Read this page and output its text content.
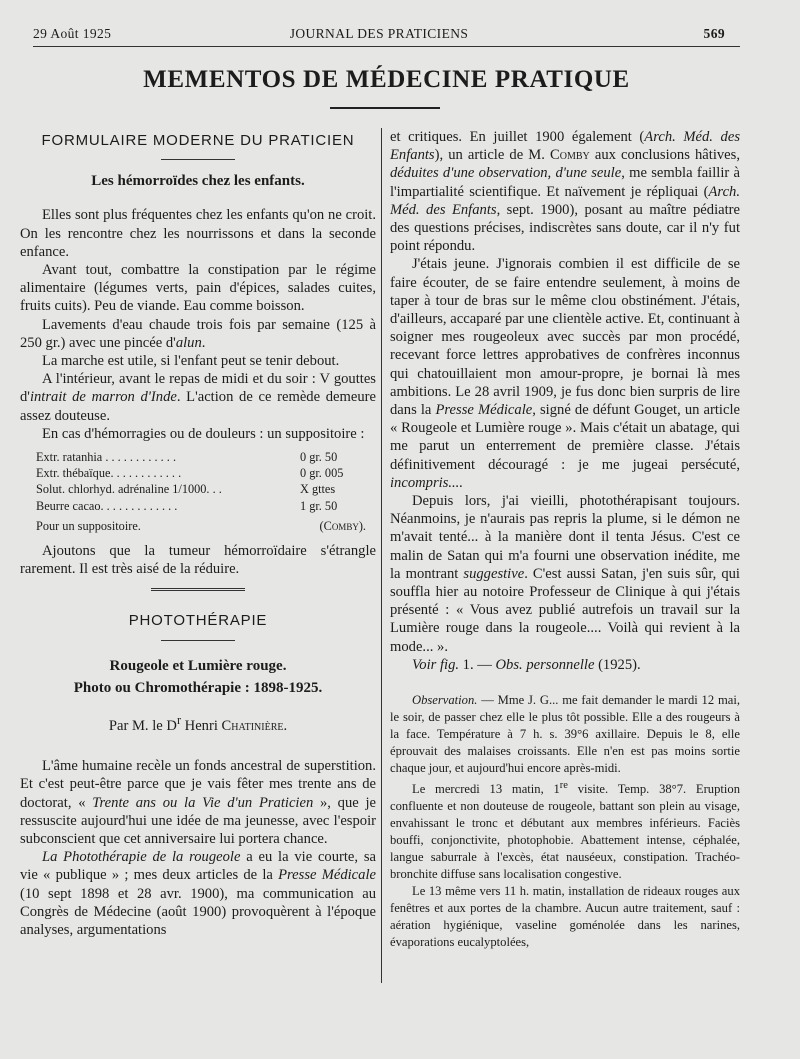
29 Août 1925	JOURNAL DES PRATICIENS	569
MEMENTOS DE MÉDECINE PRATIQUE
FORMULAIRE MODERNE DU PRATICIEN
Les hémorroïdes chez les enfants.

Elles sont plus fréquentes chez les enfants qu'on ne croit. On les rencontre chez les nourrissons et dans la seconde enfance.

Avant tout, combattre la constipation par le régime alimentaire (légumes verts, pain d'épices, salades cuites, fruits cuits). Peu de viande. Eau comme boisson.

Lavements d'eau chaude trois fois par semaine (125 à 250 gr.) avec une pincée d'alun.

La marche est utile, si l'enfant peut se tenir debout.

A l'intérieur, avant le repas de midi et du soir : V gouttes d'intrait de marron d'Inde. L'action de ce remède demeure assez douteuse.

En cas d'hémorragies ou de douleurs : un suppositoire :

Extr. ratanhia . . . . . . . . . . . .	0 gr. 50
Extr. thébaïque. . . . . . . . . . . .	0 gr. 005
Solut. chlorhyd. adrénaline 1/1000. . .	X gttes
Beurre cacao. . . . . . . . . . . . .	1 gr. 50
Pour un suppositoire.	(Comby).

Ajoutons que la tumeur hémorroïdaire s'étrangle rarement. Il est très aisé de la réduire.

PHOTOTHÉRAPIE
Rougeole et Lumière rouge.
Photo ou Chromothérapie : 1898-1925.
Par M. le $D^r$ Henri Chatinière.

L'âme humaine recèle un fonds ancestral de superstition. Et c'est peut-être parce que je vais fêter mes trente ans de doctorat, « Trente ans ou la Vie d'un Praticien », que je ressuscite aujourd'hui une idée de ma jeunesse, avec l'espoir subconscient que cet anniversaire lui portera chance.

La Photothérapie de la rougeole a eu la vie courte, sa vie « publique » ; mes deux articles de la Presse Médicale (10 sept 1898 et 28 avr. 1900), ma communication au Congrès de Médecine (août 1900) provoquèrent à l'époque analyses, argumentations

et critiques. En juillet 1900 également (Arch. Méd. des Enfants), un article de M. Comby aux conclusions hâtives, déduites d'une observation, d'une seule, me sembla faillir à l'impartialité scientifique. Et naïvement je répliquai (Arch. Méd. des Enfants, sept. 1900), posant au maître pédiatre des questions précises, indiscrètes sans doute, car il n'y fut point répondu.

J'étais jeune. J'ignorais combien il est difficile de se faire écouter, de se faire entendre seulement, à moins de taper à tour de bras sur le même clou obstinément. J'étais, d'ailleurs, accaparé par une clientèle active. Et, continuant à soigner mes rougeoleux avec succès par mon procédé, recevant force lettres approbatives de confrères inconnus qui chatouillaient mon amour-propre, je bornai là mes ambitions. Le 28 avril 1909, je fus donc bien surpris de lire dans la Presse Médicale, signé de défunt Gouget, un article « Rougeole et Lumière rouge ». Mais c'était un abatage, qui me parut un enterrement de première classe. J'étais définitivement découragé : je me jugeai persécuté, incompris....

Depuis lors, j'ai vieilli, photothérapisant toujours. Néanmoins, je n'aurais pas repris la plume, si le démon ne m'avait tenté... à la manière dont il tenta Jésus. C'est ce malin de Satan qui m'a fourni une observation inédite, me la montrant suggestive. C'est aussi Satan, j'en suis sûr, qui souffla hier au notoire Professeur de Clinique à qui j'étais présenté : « Vous avez publié autrefois un travail sur la Lumière rouge dans la rougeole.... Voilà qui revient à la mode... ».

Voir fig. 1. — Obs. personnelle (1925).

Observation. — Mme J. G... me fait demander le mardi 12 mai, le soir, de passer chez elle le plus tôt possible. Elle a des rougeurs à la face. Température à 7 h. s. 39°6 axillaire. Depuis le 8, elle éprouvait des malaises croissants. Elle n'en est pas moins sortie chaque jour, et aujourd'hui encore après-midi.

Le mercredi 13 matin, 1re visite. Temp. 38°7. Eruption confluente et non douteuse de rougeole, battant son plein au visage, envahissant le tronc et débutant aux membres inférieurs. Faciès bouffi, conjonctivite, photophobie. Abattement intense, céphalée, langue saburrale à l'excès, état nauséeux, constipation. Trachéo-bronchite diffuse sans localisation congestive.

Le 13 même vers 11 h. matin, installation de rideaux rouges aux fenêtres et aux portes de la chambre. Aucun autre traitement, sauf : aération hygiénique, vaseline goménolée dans les narines, évaporations eucalyptolées,
